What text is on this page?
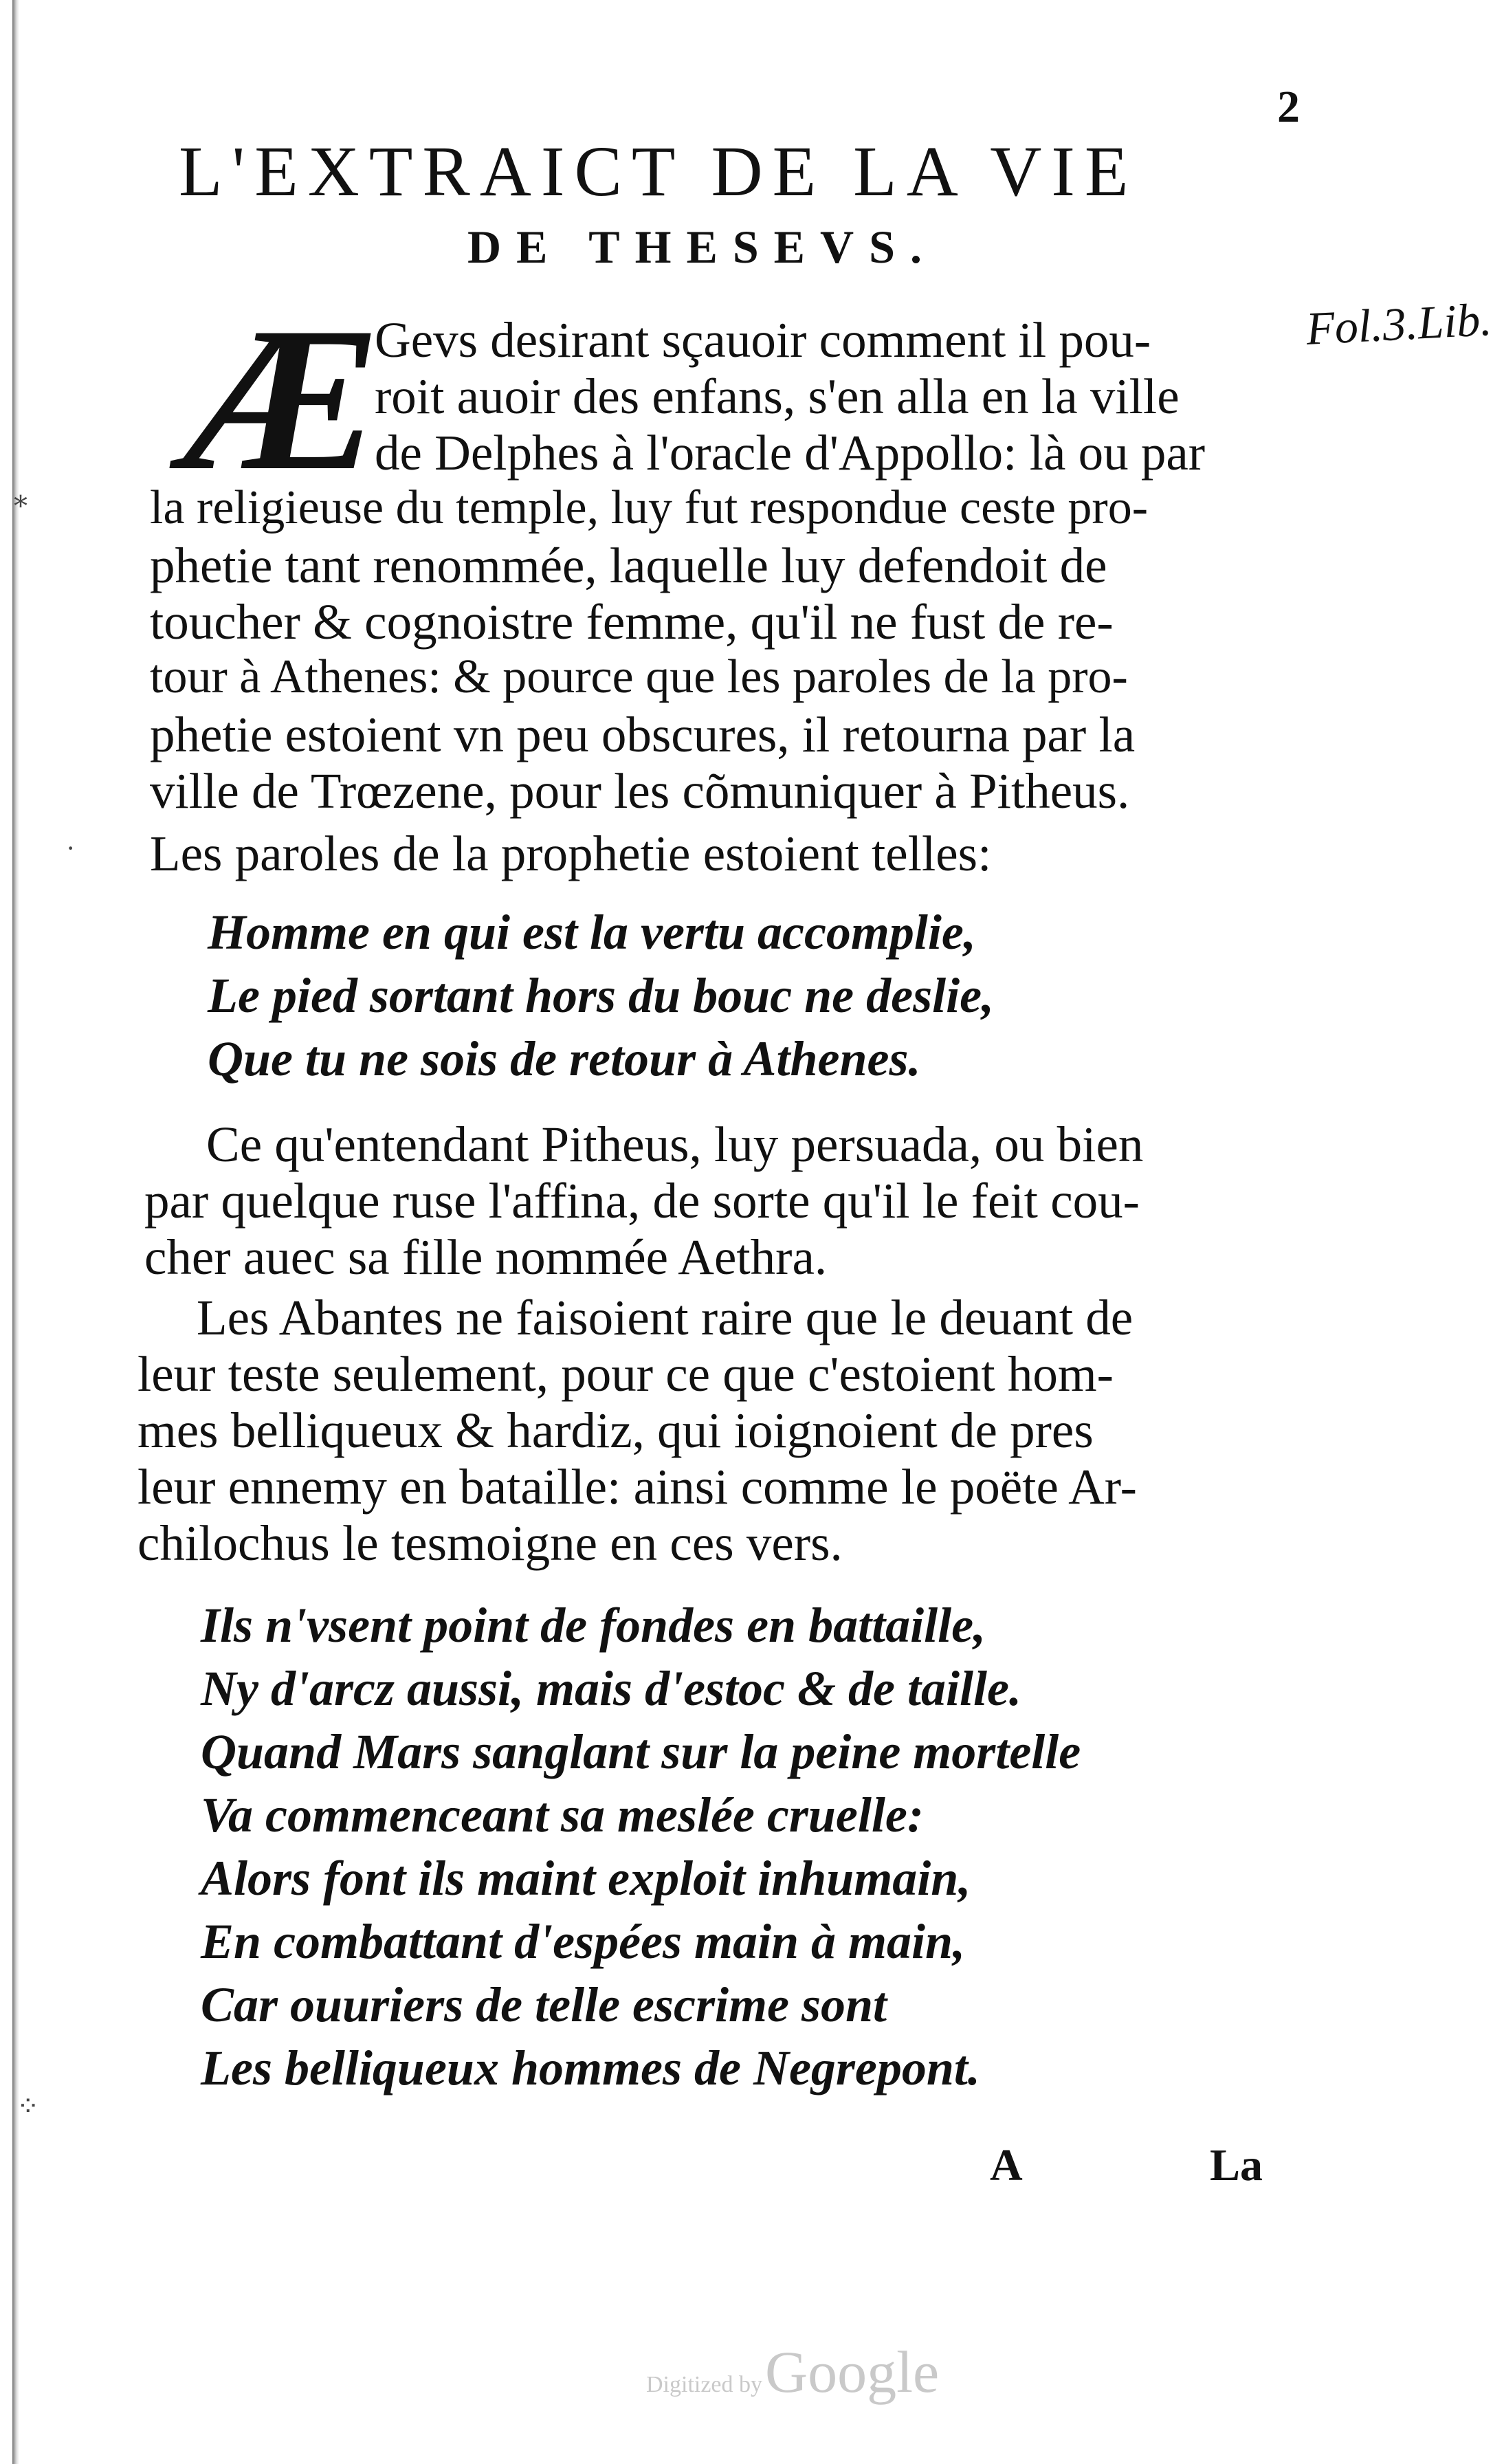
2
Fol.3.Lib.
L'EXTRAICT DE LA VIE
DE THESEVS.
Æ
Gevs desirant sçauoir comment il pou-
roit auoir des enfans, s'en alla en la ville
de Delphes à l'oracle d'Appollo: là ou par
la religieuse du temple, luy fut respondue ceste pro-
phetie tant renommée, laquelle luy defendoit de
toucher & cognoistre femme, qu'il ne fust de re-
tour à Athenes: & pource que les paroles de la pro-
phetie estoient vn peu obscures, il retourna par la
ville de Trœzene, pour les cõmuniquer à Pitheus.
Les paroles de la prophetie estoient telles:
Homme en qui est la vertu accomplie,
Le pied sortant hors du bouc ne deslie,
Que tu ne sois de retour à Athenes.
Ce qu'entendant Pitheus, luy persuada, ou bien
par quelque ruse l'affina, de sorte qu'il le feit cou-
cher auec sa fille nommée Aethra.
Les Abantes ne faisoient raire que le deuant de
leur teste seulement, pour ce que c'estoient hom-
mes belliqueux & hardiz, qui ioignoient de pres
leur ennemy en bataille: ainsi comme le poëte Ar-
chilochus le tesmoigne en ces vers.
Ils n'vsent point de fondes en battaille,
Ny d'arcz aussi, mais d'estoc & de taille.
Quand Mars sanglant sur la peine mortelle
Va commenceant sa meslée cruelle:
Alors font ils maint exploit inhumain,
En combattant d'espées main à main,
Car ouuriers de telle escrime sont
Les belliqueux hommes de Negrepont.
A	La
Digitized by Google
⁎
·
⁘
